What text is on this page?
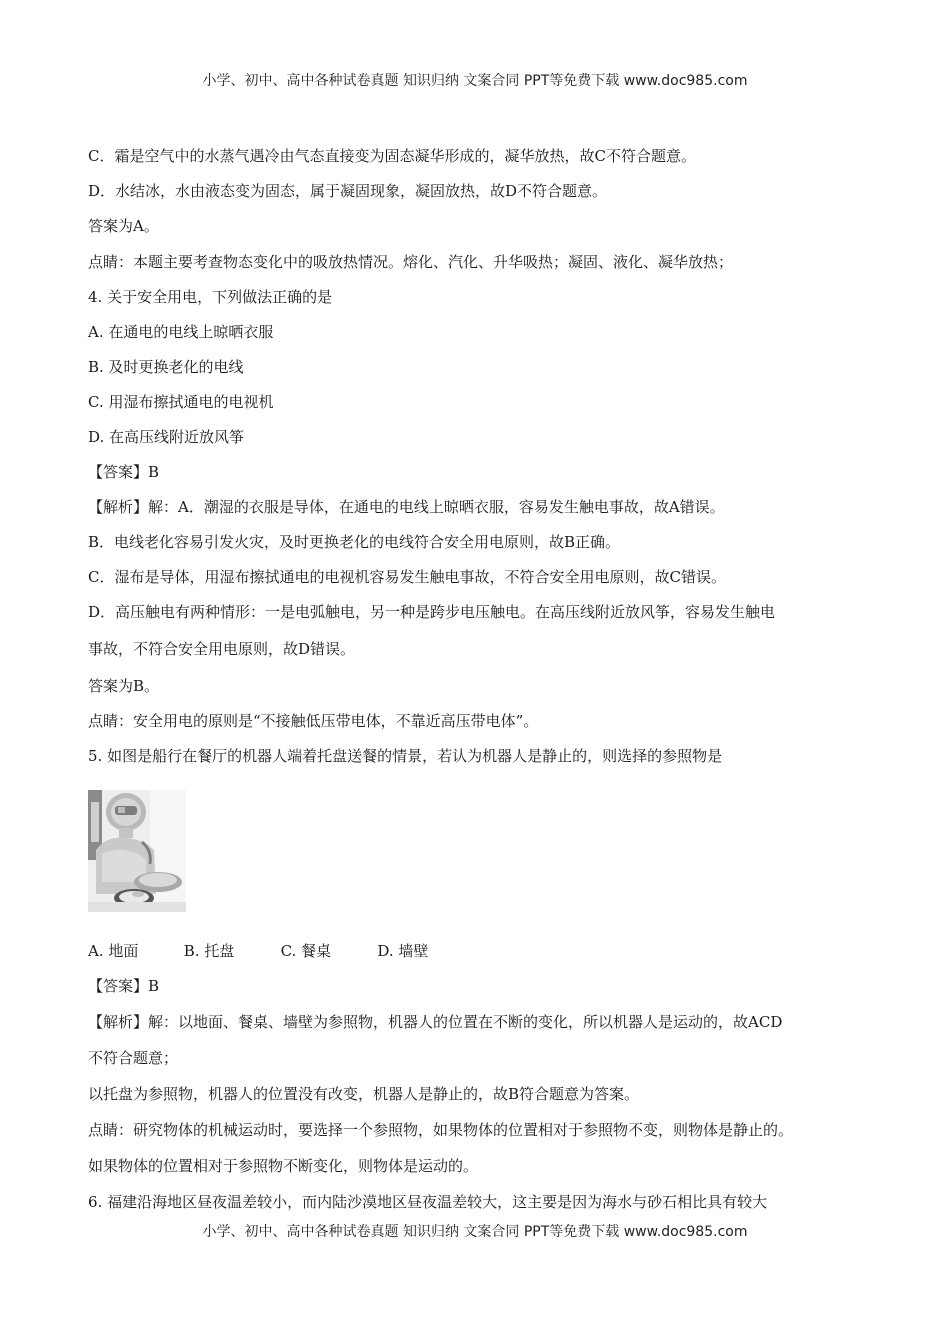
小学、初中、高中各种试卷真题 知识归纳 文案合同 PPT等免费下载 www.doc985.com
C．霜是空气中的水蒸气遇冷由气态直接变为固态凝华形成的，凝华放热，故C不符合题意。
D．水结冰，水由液态变为固态，属于凝固现象，凝固放热，故D不符合题意。
答案为A。
点睛：本题主要考查物态变化中的吸放热情况。熔化、汽化、升华吸热；凝固、液化、凝华放热；
4. 关于安全用电，下列做法正确的是
A. 在通电的电线上晾晒衣服
B. 及时更换老化的电线
C. 用湿布擦拭通电的电视机
D. 在高压线附近放风筝
【答案】B
【解析】解：A．潮湿的衣服是导体，在通电的电线上晾晒衣服，容易发生触电事故，故A错误。
B．电线老化容易引发火灾，及时更换老化的电线符合安全用电原则，故B正确。
C．湿布是导体，用湿布擦拭通电的电视机容易发生触电事故，不符合安全用电原则，故C错误。
D．高压触电有两种情形：一是电弧触电，另一种是跨步电压触电。在高压线附近放风筝，容易发生触电
事故，不符合安全用电原则，故D错误。
答案为B。
点睛：安全用电的原则是“不接触低压带电体，不靠近高压带电体”。
5. 如图是船行在餐厅的机器人端着托盘送餐的情景，若认为机器人是静止的，则选择的参照物是
A. 地面	B. 托盘	C. 餐桌	D. 墙壁
【答案】B
【解析】解：以地面、餐桌、墙壁为参照物，机器人的位置在不断的变化，所以机器人是运动的，故ACD
不符合题意；
以托盘为参照物，机器人的位置没有改变，机器人是静止的，故B符合题意为答案。
点睛：研究物体的机械运动时，要选择一个参照物，如果物体的位置相对于参照物不变，则物体是静止的。
如果物体的位置相对于参照物不断变化，则物体是运动的。
6. 福建沿海地区昼夜温差较小，而内陆沙漠地区昼夜温差较大，这主要是因为海水与砂石相比具有较大
小学、初中、高中各种试卷真题 知识归纳 文案合同 PPT等免费下载 www.doc985.com
